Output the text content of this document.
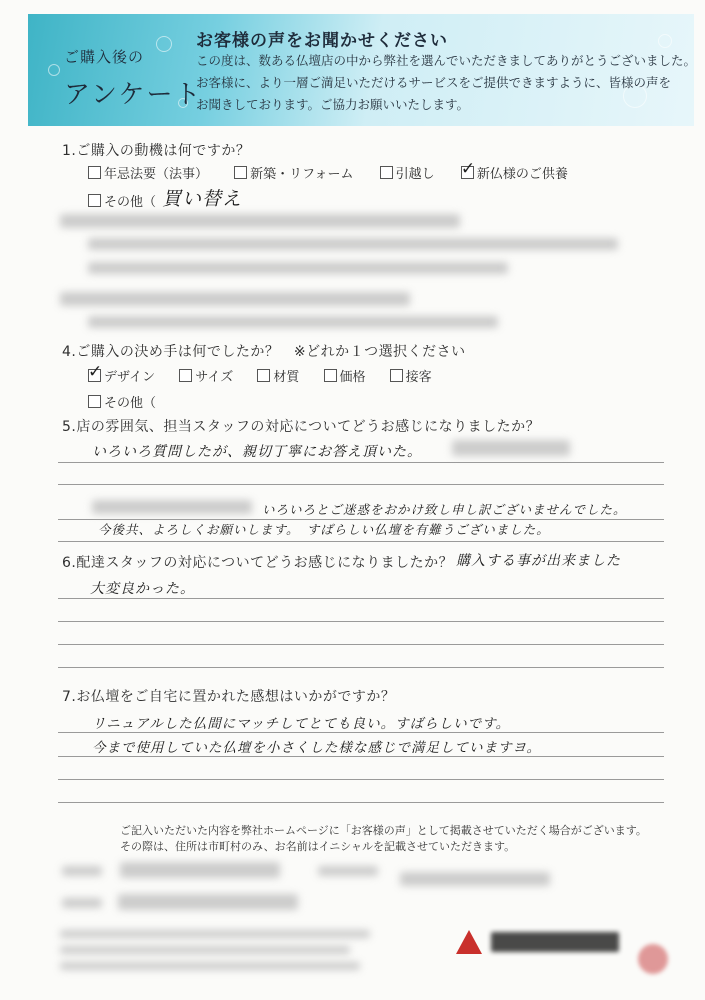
ご購入後の
アンケート
お客様の声をお聞かせください
この度は、数ある仏壇店の中から弊社を選んでいただきましてありがとうございました。
お客様に、より一層ご満足いただけるサービスをご提供できますように、皆様の声を
お聞きしております。ご協力お願いいたします。
1.ご購入の動機は何ですか？
年忌法要（法事）	新築・リフォーム	引越し ✓	新仏様のご供養
その他（ 買い替え
4.ご購入の決め手は何でしたか？　※どれか１つ選択ください
✓デザイン	サイズ	材質	価格	接客
その他（
5.店の雰囲気、担当スタッフの対応についてどうお感じになりましたか？
いろいろ質問したが、親切丁寧にお答え頂いた。
いろいろとご迷惑をおかけ致し申し訳ございませんでした。
今後共、よろしくお願いします。　すばらしい仏壇を有難うございました。
6.配達スタッフの対応についてどうお感じになりましたか？ 購入する事が出来ました
大変良かった。
7.お仏壇をご自宅に置かれた感想はいかがですか？
リニュアルした仏間にマッチしてとても良い。すばらしいです。
今まで使用していた仏壇を小さくした様な感じで満足していますヨ。
ご記入いただいた内容を弊社ホームページに「お客様の声」として掲載させていただく場合がございます。
その際は、住所は市町村のみ、お名前はイニシャルを記載させていただきます。
